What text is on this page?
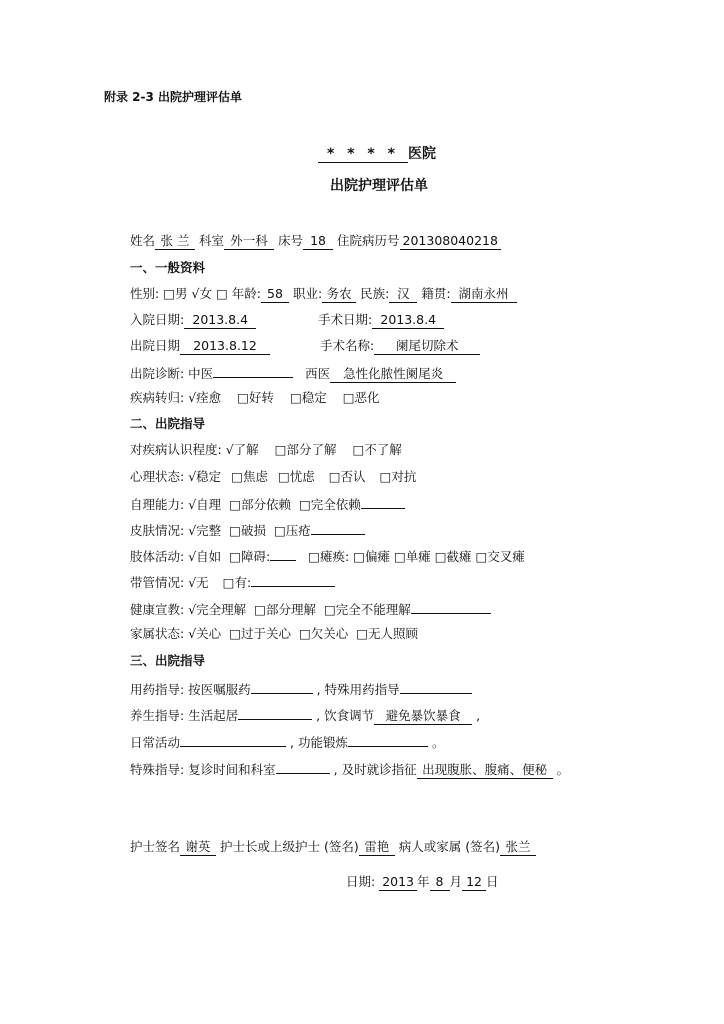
附录 2-3 出院护理评估单
* * * * 医院
出院护理评估单
姓名 张 兰 科室 外一科 床号 18 住院病历号 201308040218
一、一般资料
性别: □男 √女 □ 年龄: 58 职业: 务农 民族: 汉 籍贯: 湖南永州
入院日期: 2013.8.4	手术日期: 2013.8.4
出院日期 2013.8.12	手术名称: 阑尾切除术
出院诊断: 中医	西医 急性化脓性阑尾炎
疾病转归: √痊愈 □好转 □稳定 □恶化
二、出院指导
对疾病认识程度: √了解 □部分了解 □不了解
心理状态: √稳定 □焦虑 □忧虑 □否认 □对抗
自理能力: √自理 □部分依赖 □完全依赖
皮肤情况: √完整 □破损 □压疮
肢体活动: √自如 □障碍:	□瘫痪: □偏瘫 □单瘫 □截瘫 □交叉瘫
带管情况: √无 □有:
健康宣教: √完全理解 □部分理解 □完全不能理解
家属状态: √关心 □过于关心 □欠关心 □无人照顾
三、出院指导
用药指导: 按医嘱服药	, 特殊用药指导
养生指导: 生活起居	, 饮食调节 避免暴饮暴食 ,
日常活动	, 功能锻炼	。
特殊指导: 复诊时间和科室	, 及时就诊指征 出现腹胀、腹痛、便秘 。
护士签名 谢英 护士长或上级护士 (签名) 雷艳 病人或家属 (签名) 张兰
日期: 2013 年 8 月 12 日
